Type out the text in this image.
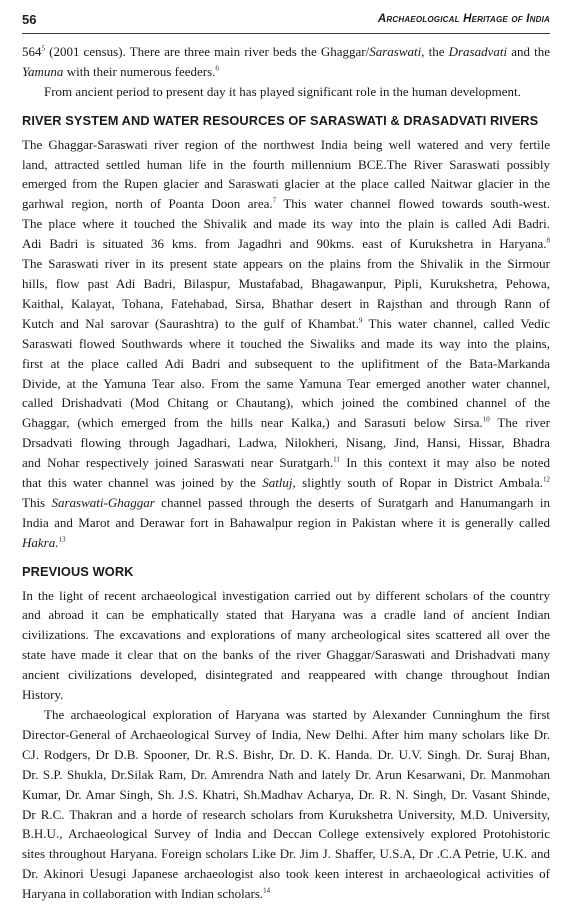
56	Archaeological Heritage of India

$564^5$ (2001 census). There are three main river beds the Ghaggar/Saraswati, the Drasadvati and the
Yamuna with their numerous feeders.$^6$

From ancient period to present day it has played significant role in the human development.

RIVER SYSTEM AND WATER RESOURCES OF SARASWATI & DRASADVATI RIVERS

The Ghaggar-Saraswati river region of the northwest India being well watered and very fertile
land, attracted settled human life in the fourth millennium BCE.The River Saraswati possibly
emerged from the Rupen glacier and Saraswati glacier at the place called Naitwar glacier in the
garhwal region, north of Poanta Doon area.$^7$ This water channel flowed towards south-west.
The place where it touched the Shivalik and made its way into the plain is called Adi Badri.
Adi Badri is situated 36 kms. from Jagadhri and 90kms. east of Kurukshetra in Haryana.$^8$
The Saraswati river in its present state appears on the plains from the Shivalik in the Sirmour
hills, flow past Adi Badri, Bilaspur, Mustafabad, Bhagawanpur, Pipli, Kurukshetra, Pehowa,
Kaithal, Kalayat, Tohana, Fatehabad, Sirsa, Bhathar desert in Rajsthan and through Rann of
Kutch and Nal sarovar (Saurashtra) to the gulf of Khambat.$^9$ This water channel, called Vedic
Saraswati flowed Southwards where it touched the Siwaliks and made its way into the plains,
first at the place called Adi Badri and subsequent to the uplifitment of the Bata-Markanda
Divide, at the Yamuna Tear also. From the same Yamuna Tear emerged another water channel,
called Drishadvati (Mod Chitang or Chautang), which joined the combined channel of the
Ghaggar, (which emerged from the hills near Kalka,) and Sarasuti below Sirsa.$^{10}$ The river
Drsadvati flowing through Jagadhari, Ladwa, Nilokheri, Nisang, Jind, Hansi, Hissar, Bhadra
and Nohar respectively joined Saraswati near Suratgarh.$^{11}$ In this context it may also be noted
that this water channel was joined by the Satluj, slightly south of Ropar in District Ambala.$^{12}$
This Saraswati-Ghaggar channel passed through the deserts of Suratgarh and Hanumangarh in
India and Marot and Derawar fort in Bahawalpur region in Pakistan where it is generally called
Hakra.$^{13}$

PREVIOUS WORK

In the light of recent archaeological investigation carried out by different scholars of the country
and abroad it can be emphatically stated that Haryana was a cradle land of ancient Indian
civilizations. The excavations and explorations of many archeological sites scattered all over the
state have made it clear that on the banks of the river Ghaggar/Saraswati and Drishadvati many
ancient civilizations developed, disintegrated and reappeared with change throughout Indian
History.

The archaeological exploration of Haryana was started by Alexander Cunninghum the first
Director-General of Archaeological Survey of India, New Delhi. After him many scholars like Dr.
CJ. Rodgers, Dr D.B. Spooner, Dr. R.S. Bishr, Dr. D. K. Handa. Dr. U.V. Singh. Dr. Suraj Bhan,
Dr. S.P. Shukla, Dr.Silak Ram, Dr. Amrendra Nath and lately Dr. Arun Kesarwani, Dr. Manmohan
Kumar, Dr. Amar Singh, Sh. J.S. Khatri, Sh.Madhav Acharya, Dr. R. N. Singh, Dr. Vasant Shinde,
Dr R.C. Thakran and a horde of research scholars from Kurukshetra University, M.D. University,
B.H.U., Archaeological Survey of India and Deccan College extensively explored Protohistoric
sites throughout Haryana. Foreign scholars Like Dr. Jim J. Shaffer, U.S.A, Dr .C.A Petrie, U.K. and
Dr. Akinori Uesugi Japanese archaeologist also took keen interest in archaeological activities of
Haryana in collaboration with Indian scholars.$^{14}$
